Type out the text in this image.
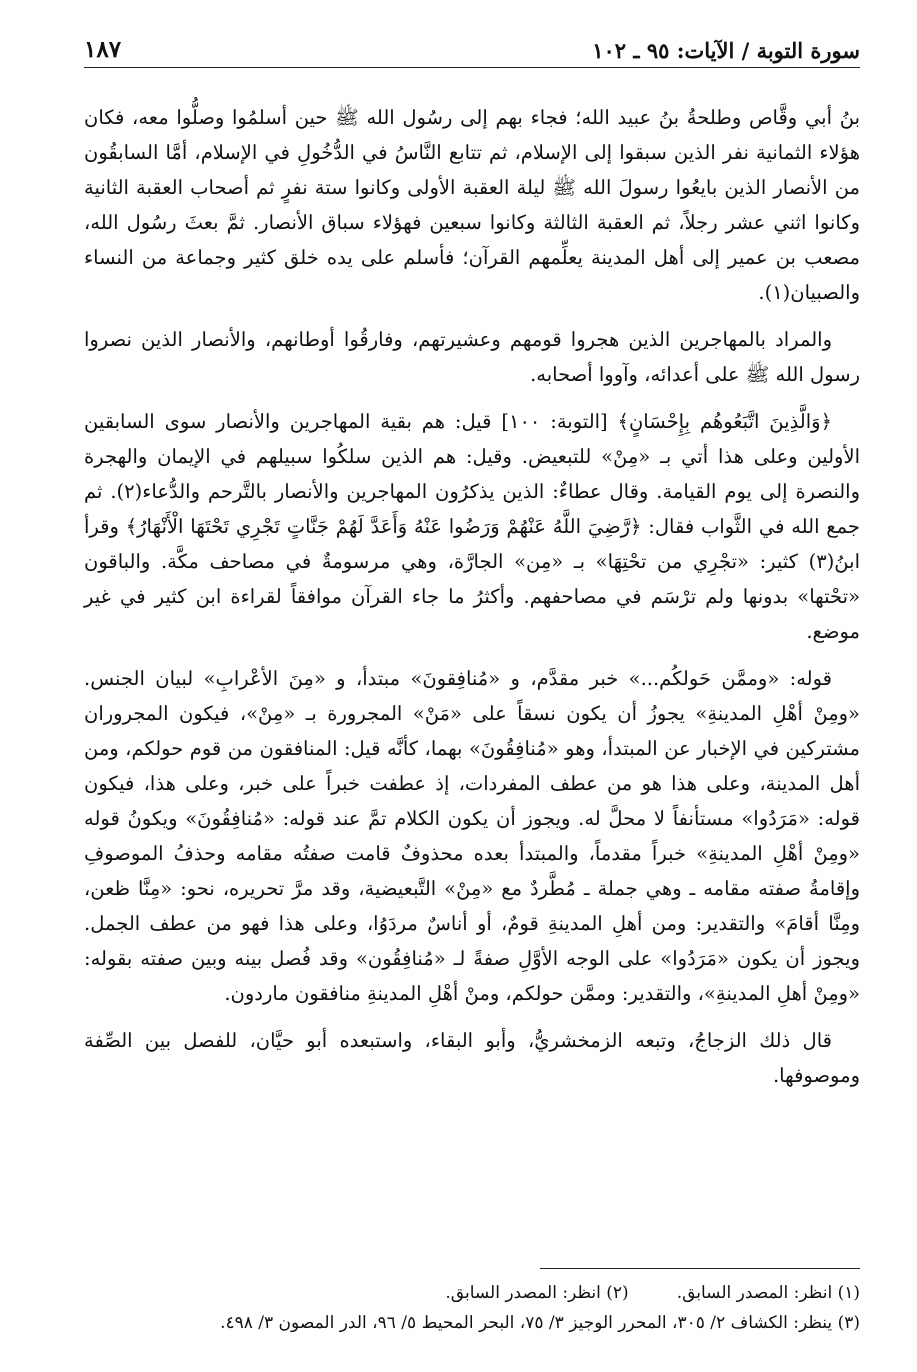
سورة التوبة / الآيات: ٩٥ ـ ١٠٢
١٨٧

بنُ أبي وقَّاص وطلحةُ بنُ عبيد الله؛ فجاء بهم إلى رسُول الله ﷺ حين أسلمُوا وصلُّوا معه، فكان هؤلاء الثمانية نفر الذين سبقوا إلى الإسلام، ثم تتابع النَّاسُ في الدُّخُولِ في الإسلام، أمَّا السابقُون من الأنصار الذين بايعُوا رسولَ الله ﷺ ليلة العقبة الأولى وكانوا ستة نفرٍ ثم أصحاب العقبة الثانية وكانوا اثني عشر رجلاً، ثم العقبة الثالثة وكانوا سبعين فهؤلاء سباق الأنصار. ثمَّ بعثَ رسُول الله، مصعب بن عمير إلى أهل المدينة يعلِّمهم القرآن؛ فأسلم على يده خلق كثير وجماعة من النساء والصبيان(١).

والمراد بالمهاجرين الذين هجروا قومهم وعشيرتهم، وفارقُوا أوطانهم، والأنصار الذين نصروا رسول الله ﷺ على أعدائه، وآووا أصحابه.

﴿وَالَّذِينَ اتَّبَعُوهُم بِإِحْسَانٍ﴾ [التوبة: ١٠٠] قيل: هم بقية المهاجرين والأنصار سوى السابقين الأولين وعلى هذا أتي بـ «مِنْ» للتبعيض. وقيل: هم الذين سلكُوا سبيلهم في الإيمان والهجرة والنصرة إلى يوم القيامة. وقال عطاءٌ: الذين يذكرُون المهاجرين والأنصار بالتَّرحم والدُّعاء(٢). ثم جمع الله في الثَّواب فقال: ﴿رَّضِيَ اللَّهُ عَنْهُمْ وَرَضُوا عَنْهُ وَأَعَدَّ لَهُمْ جَنَّاتٍ تَجْرِي تَحْتَهَا الْأَنْهَارُ﴾ وقرأ ابنُ(٣) كثير: «تجْرِي من تحْتِهَا» بـ «مِن» الجارَّة، وهي مرسومةٌ في مصاحف مكَّة. والباقون «تحْتها» بدونها ولم ترْسَم في مصاحفهم. وأكثرُ ما جاء القرآن موافقاً لقراءة ابن كثير في غير موضع.

قوله: «وممَّن حَولكُم...» خبر مقدَّم، و «مُنافِقونَ» مبتدأ، و «مِنَ الأعْرابِ» لبيان الجنس. «ومِنْ أهْلِ المدينةِ» يجوزُ أن يكون نسقاً على «مَنْ» المجرورة بـ «مِنْ»، فيكون المجروران مشتركين في الإخبار عن المبتدأ، وهو «مُنافِقُونَ» بهما، كأنَّه قيل: المنافقون من قوم حولكم، ومن أهل المدينة، وعلى هذا هو من عطف المفردات، إذ عطفت خبراً على خبر، وعلى هذا، فيكون قوله: «مَرَدُوا» مستأنفاً لا محلَّ له. ويجوز أن يكون الكلام تمَّ عند قوله: «مُنافِقُونَ» ويكونُ قوله «ومِنْ أهْلِ المدينةِ» خبراً مقدماً، والمبتدأ بعده محذوفٌ قامت صفتُه مقامه وحذفُ الموصوفِ وإقامةُ صفته مقامه ـ وهي جملة ـ مُطَّردٌ مع «مِنْ» التَّبعيضية، وقد مرَّ تحريره، نحو: «مِنَّا ظعن، ومِنَّا أقامَ» والتقدير: ومن أهلِ المدينةِ قومٌ، أو أناسٌ مردَوُا، وعلى هذا فهو من عطف الجمل. ويجوز أن يكون «مَرَدُوا» على الوجه الأوَّلِ صفةً لـ «مُنافِقُون» وقد فُصل بينه وبين صفته بقوله: «ومِنْ أهلِ المدينةِ»، والتقدير: وممَّن حولكم، ومنْ أهْلِ المدينةِ منافقون ماردون.

قال ذلك الزجاجُ، وتبعه الزمخشريُّ، وأبو البقاء، واستبعده أبو حيَّان، للفصل بين الصِّفة وموصوفها.

(١) انظر: المصدر السابق.
(٢) انظر: المصدر السابق.
(٣) ينظر: الكشاف ٢/ ٣٠٥، المحرر الوجيز ٣/ ٧٥، البحر المحيط ٥/ ٩٦، الدر المصون ٣/ ٤٩٨.
